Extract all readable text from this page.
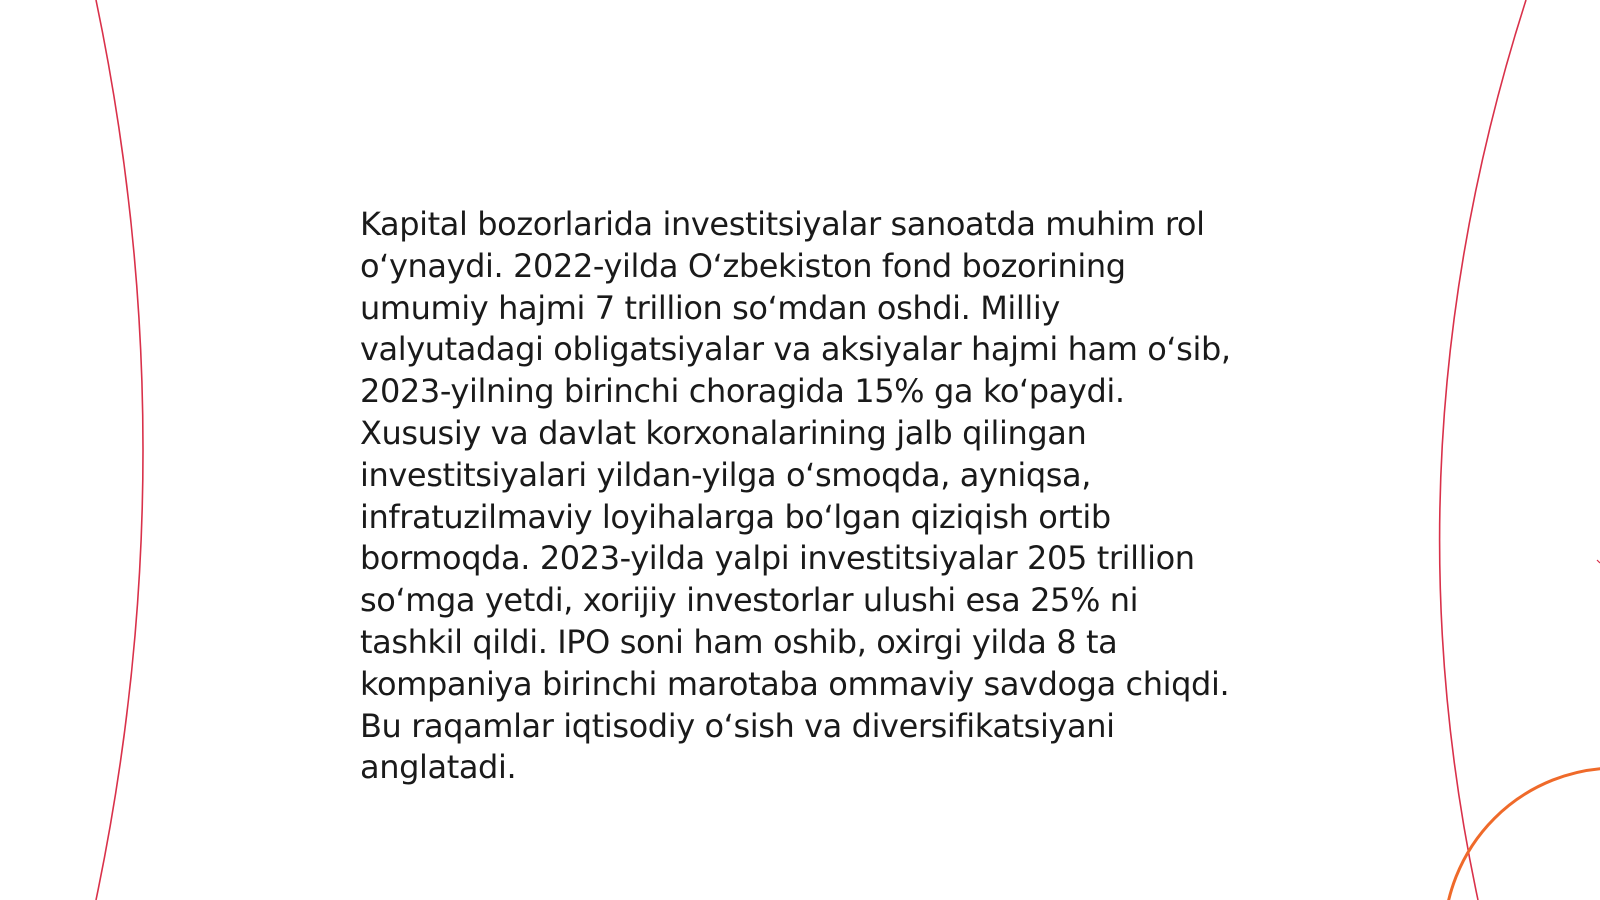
Kapital bozorlarida investitsiyalar sanoatda muhim rol oʻynaydi. 2022-yilda Oʻzbekiston fond bozorining umumiy hajmi 7 trillion soʻmdan oshdi. Milliy valyutadagi obligatsiyalar va aksiyalar hajmi ham oʻsib, 2023-yilning birinchi choragida 15% ga koʻpaydi. Xususiy va davlat korxonalarining jalb qilingan investitsiyalari yildan-yilga oʻsmoqda, ayniqsa, infratuzilmaviy loyihalarga boʻlgan qiziqish ortib bormoqda. 2023-yilda yalpi investitsiyalar 205 trillion soʻmga yetdi, xorijiy investorlar ulushi esa 25% ni tashkil qildi. IPO soni ham oshib, oxirgi yilda 8 ta kompaniya birinchi marotaba ommaviy savdoga chiqdi. Bu raqamlar iqtisodiy oʻsish va diversifikatsiyani anglatadi.
